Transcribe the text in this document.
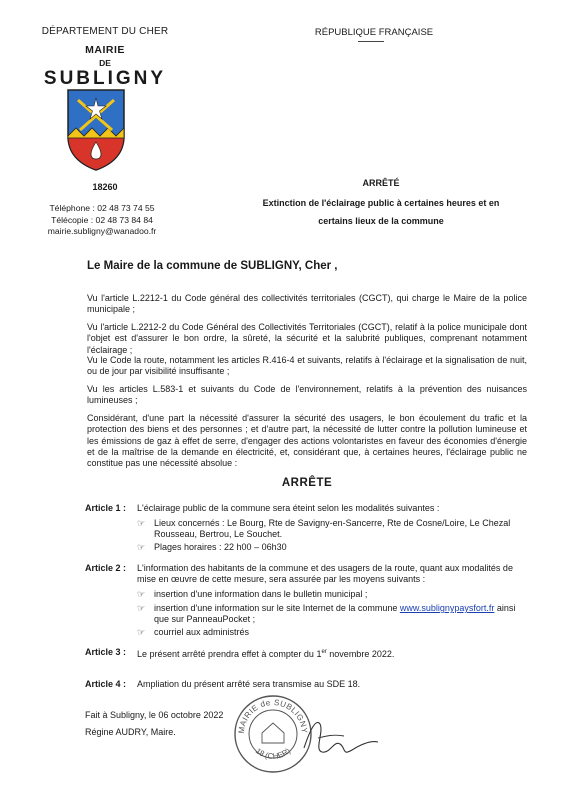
DÉPARTEMENT DU CHER
MAIRIE
DE
SUBLIGNY
18260
Téléphone : 02 48 73 74 55
Télécopie : 02 48 73 84 84
mairie.subligny@wanadoo.fr
RÉPUBLIQUE FRANÇAISE
ARRÊTÉ
Extinction de l'éclairage public à certaines heures et en
certains lieux de la commune
Le Maire de la commune de SUBLIGNY, Cher ,
Vu l'article L.2212-1 du Code général des collectivités territoriales (CGCT), qui charge le Maire de la police municipale ;
Vu l'article L.2212-2 du Code Général des Collectivités Territoriales (CGCT), relatif à la police municipale dont l'objet est d'assurer le bon ordre, la sûreté, la sécurité et la salubrité publiques, comprenant notamment l'éclairage ;
Vu le Code la route, notamment les articles R.416-4 et suivants, relatifs à l'éclairage et la signalisation de nuit, ou de jour par visibilité insuffisante ;
Vu les articles L.583-1 et suivants du Code de l'environnement, relatifs à la prévention des nuisances lumineuses ;
Considérant, d'une part la nécessité d'assurer la sécurité des usagers, le bon écoulement du trafic et la protection des biens et des personnes ; et d'autre part, la nécessité de lutter contre la pollution lumineuse et les émissions de gaz à effet de serre, d'engager des actions volontaristes en faveur des économies d'énergie et de la maîtrise de la demande en électricité, et, considérant que, à certaines heures, l'éclairage public ne constitue pas une nécessité absolue :
ARRÊTE
Article 1 : L'éclairage public de la commune sera éteint selon les modalités suivantes :
☞ Lieux concernés : Le Bourg, Rte de Savigny-en-Sancerre, Rte de Cosne/Loire, Le Chezal Rousseau, Bertrou, Le Souchet.
☞ Plages horaires : 22 h00 – 06h30
Article 2 : L'information des habitants de la commune et des usagers de la route, quant aux modalités de mise en œuvre de cette mesure, sera assurée par les moyens suivants :
☞ insertion d'une information dans le bulletin municipal ;
☞ insertion d'une information sur le site Internet de la commune www.sublignypaysfort.fr ainsi que sur PanneauPocket ;
☞ courriel aux administrés
Article 3 : Le présent arrêté prendra effet à compter du 1er novembre 2022.
Article 4 : Ampliation du présent arrêté sera transmise au SDE 18.
Fait à Subligny, le 06 octobre 2022
Régine AUDRY, Maire.	MAIRIE de SUBLIGNY
18 (CHER)
